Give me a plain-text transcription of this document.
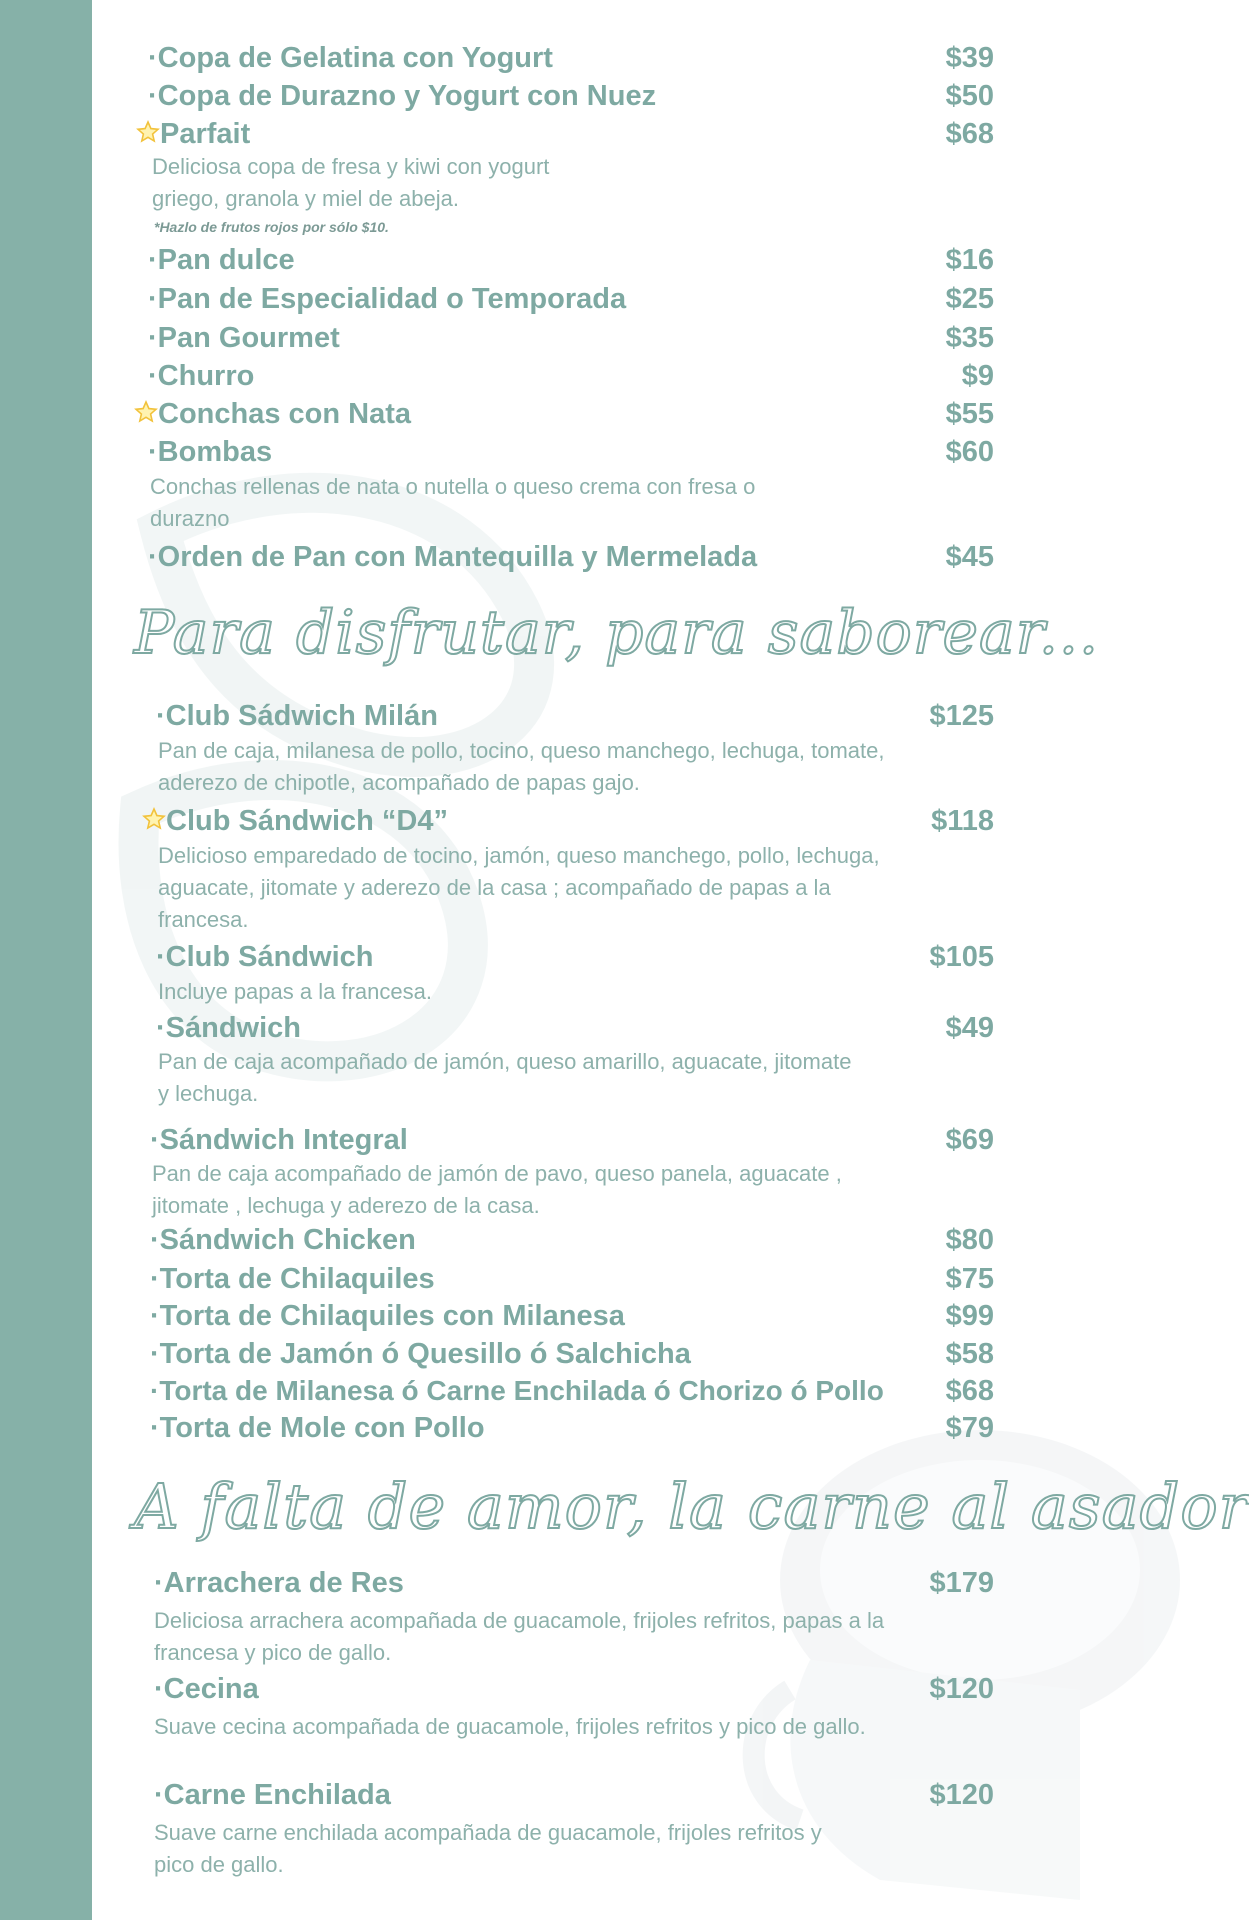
·Copa de Gelatina con Yogurt	$39
·Copa de Durazno y Yogurt con Nuez	$50
Parfait	$68
Deliciosa copa de fresa y kiwi con yogurt griego, granola y miel de abeja.
*Hazlo de frutos rojos por sólo $10.
·Pan dulce	$16
·Pan de Especialidad o Temporada	$25
·Pan Gourmet	$35
·Churro	$9
Conchas con Nata	$55
·Bombas	$60
Conchas rellenas de nata o nutella o queso crema con fresa o durazno
·Orden de Pan con Mantequilla y Mermelada	$45
Para disfrutar, para saborear...
·Club Sádwich Milán	$125
Pan de caja, milanesa de pollo, tocino, queso manchego, lechuga, tomate, aderezo de chipotle, acompañado de papas gajo.
Club Sándwich “D4”	$118
Delicioso emparedado de tocino, jamón, queso manchego, pollo, lechuga, aguacate, jitomate y aderezo de la casa ; acompañado de papas a la francesa.
·Club Sándwich	$105
Incluye papas a la francesa.
·Sándwich	$49
Pan de caja acompañado de jamón, queso amarillo, aguacate, jitomate y lechuga.
·Sándwich Integral	$69
Pan de caja acompañado de jamón de pavo, queso panela, aguacate , jitomate , lechuga y aderezo de la casa.
·Sándwich Chicken	$80
·Torta de Chilaquiles	$75
·Torta de Chilaquiles con Milanesa	$99
·Torta de Jamón ó Quesillo ó Salchicha	$58
·Torta de Milanesa ó Carne Enchilada ó Chorizo ó Pollo $68
·Torta de Mole con Pollo	$79
A falta de amor, la carne al asador
·Arrachera de Res	$179
Deliciosa arrachera acompañada de guacamole, frijoles refritos, papas a la francesa y pico de gallo.
·Cecina	$120
Suave cecina acompañada de guacamole, frijoles refritos y pico de gallo.
·Carne Enchilada	$120
Suave carne enchilada acompañada de guacamole, frijoles refritos y pico de gallo.
